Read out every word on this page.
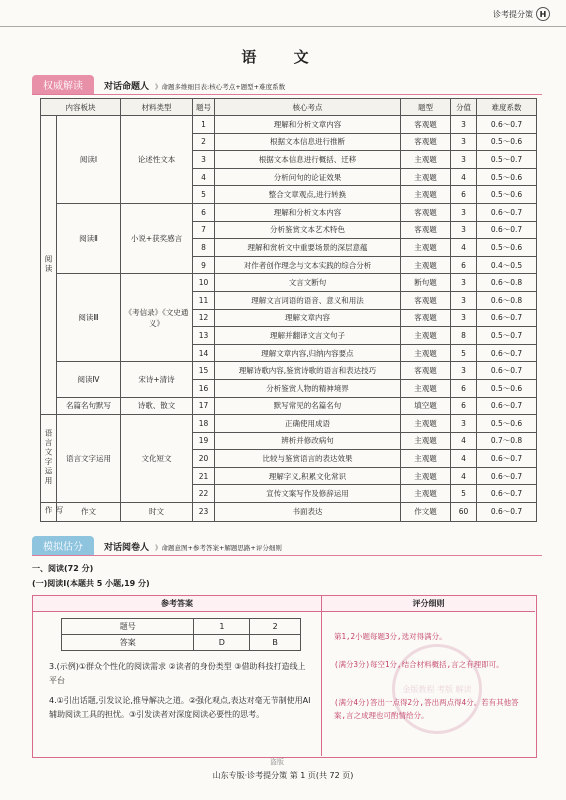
诊考提分策 H
语 文
权威解读	对话命题人 》命题多维细目表:核心考点+题型+难度系数
内容板块		材料类型	题号	核心考点	题型	分值	难度系数
阅读	阅读Ⅰ	论述性文本	1	理解和分析文章内容	客观题	3	0.6～0.7
			2	根据文本信息进行推断	客观题	3	0.5～0.6
			3	根据文本信息进行概括、迁移	主观题	3	0.5～0.7
			4	分析问句的论证效果	主观题	4	0.5～0.6
			5	整合文章观点,进行转换	主观题	6	0.5～0.6
	阅读Ⅱ	小说+获奖感言	6	理解和分析文本内容	客观题	3	0.6～0.7
			7	分析鉴赏文本艺术特色	客观题	3	0.6～0.7
			8	理解和赏析文中重要场景的深层意蕴	主观题	4	0.5～0.6
			9	对作者创作理念与文本实践的综合分析	主观题	6	0.4～0.5
	阅读Ⅲ	《考信录》《文史通义》	10	文言文断句	断句题	3	0.6～0.8
			11	理解文言词语的语音、意义和用法	客观题	3	0.6～0.8
			12	理解文章内容	客观题	3	0.6～0.7
			13	理解并翻译文言文句子	主观题	8	0.5～0.7
			14	理解文章内容,归纳内容要点	主观题	5	0.6～0.7
	阅读Ⅳ	宋诗+清诗	15	理解诗歌内容,鉴赏诗歌的语言和表达技巧	客观题	3	0.6～0.7
			16	分析鉴赏人物的精神境界	主观题	6	0.5～0.6
	名篇名句默写	诗歌、散文	17	默写常见的名篇名句	填空题	6	0.6～0.7
语言文字运用	语言文字运用	文化短文	18	正确使用成语	主观题	3	0.5～0.6
			19	辨析并修改病句	主观题	4	0.7～0.8
			20	比较与鉴赏语言的表达效果	主观题	4	0.6～0.7
			21	理解字义,积累文化常识	主观题	4	0.6～0.7
			22	宣传文案写作及修辞运用	主观题	5	0.6～0.7
写作	作文	时文	23	书面表达	作文题	60	0.6～0.7
模拟估分	对话阅卷人 》命题意图+参考答案+解题思路+评分细则
一、阅读(72 分)
(一)阅读Ⅰ(本题共 5 小题,19 分)
参考答案
题号	1	2
答案	D	B
3.(示例)①群众个性化的阅读需求 ②读者的身份类型 ③借助科技打造线上平台
4.①引出话题,引发议论,推导解决之道。②强化观点,表达对毫无节制使用AI辅助阅读工具的担忧。③引发读者对深度阅读必要性的思考。
评分细则
金版教程 考版 解读
第1,2小题每题3分,选对得满分。
(满分3分)每空1分,结合材料概括,言之有理即可。
(满分4分)答出一点得2分,答出两点得4分。若有其他答案,言之成理也可酌情给分。
盗版
山东专版·诊考提分策 第 1 页(共 72 页)
